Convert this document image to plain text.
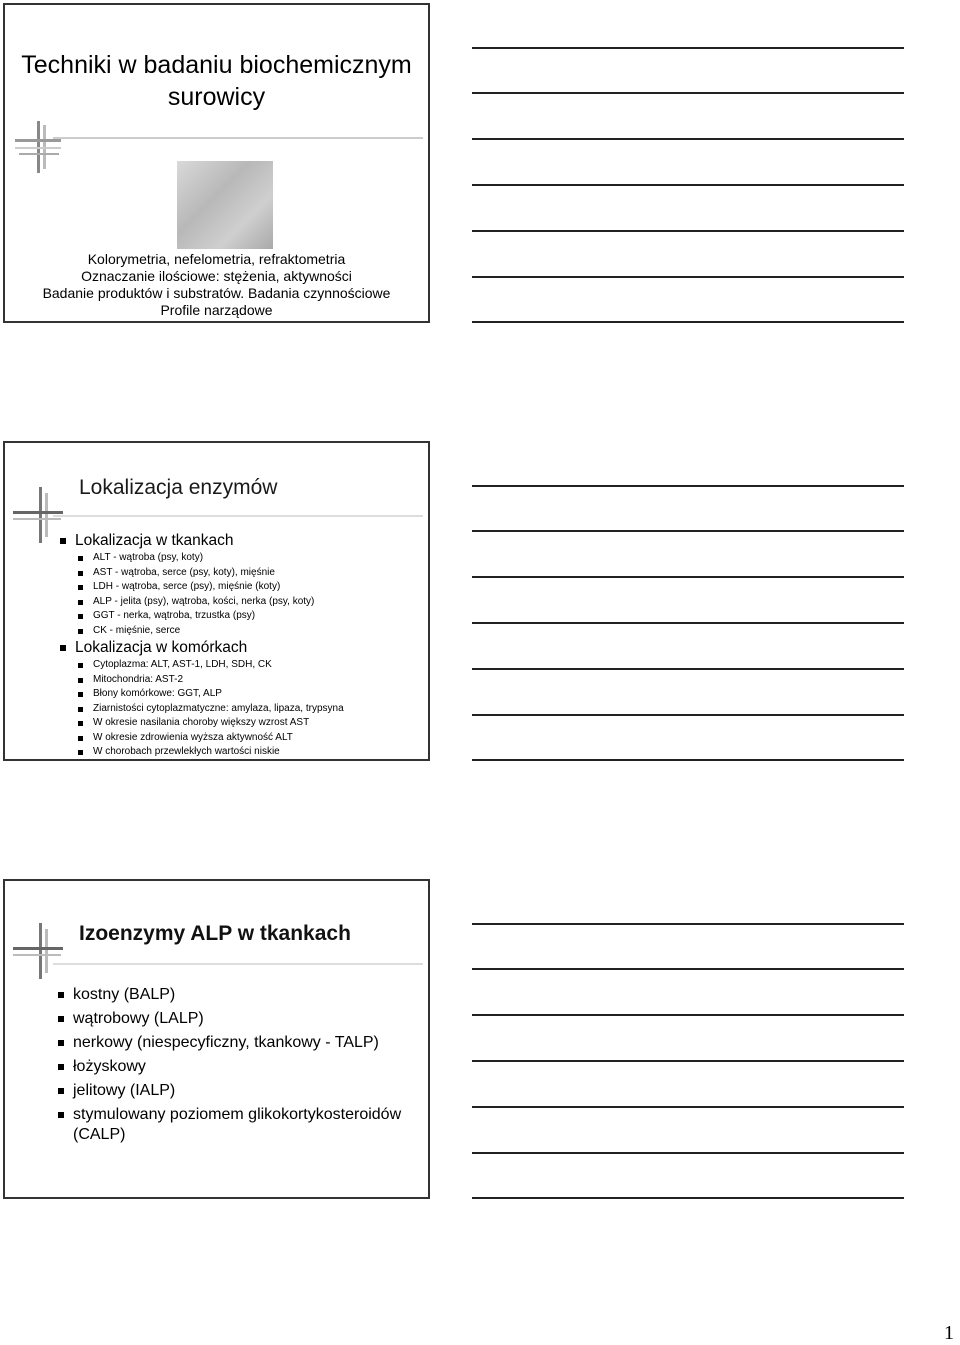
Techniki w badaniu biochemicznym
surowicy
Kolorymetria, nefelometria, refraktometria
Oznaczanie ilościowe: stężenia, aktywności
Badanie produktów i substratów. Badania czynnościowe
Profile narządowe
Lokalizacja enzymów
Lokalizacja w tkankach
ALT - wątroba (psy, koty)
AST - wątroba, serce (psy, koty), mięśnie
LDH - wątroba, serce (psy), mięśnie (koty)
ALP - jelita (psy), wątroba, kości, nerka (psy, koty)
GGT - nerka, wątroba, trzustka (psy)
CK - mięśnie, serce
Lokalizacja w komórkach
Cytoplazma: ALT, AST-1, LDH, SDH, CK
Mitochondria: AST-2
Błony komórkowe: GGT, ALP
Ziarnistości cytoplazmatyczne: amylaza, lipaza, trypsyna
W okresie nasilania choroby większy wzrost AST
W okresie zdrowienia wyższa aktywność ALT
W chorobach przewlekłych wartości niskie
Izoenzymy ALP w tkankach
kostny (BALP)
wątrobowy (LALP)
nerkowy (niespecyficzny, tkankowy - TALP)
łożyskowy
jelitowy (IALP)
stymulowany poziomem glikokortykosteroidów (CALP)
1
